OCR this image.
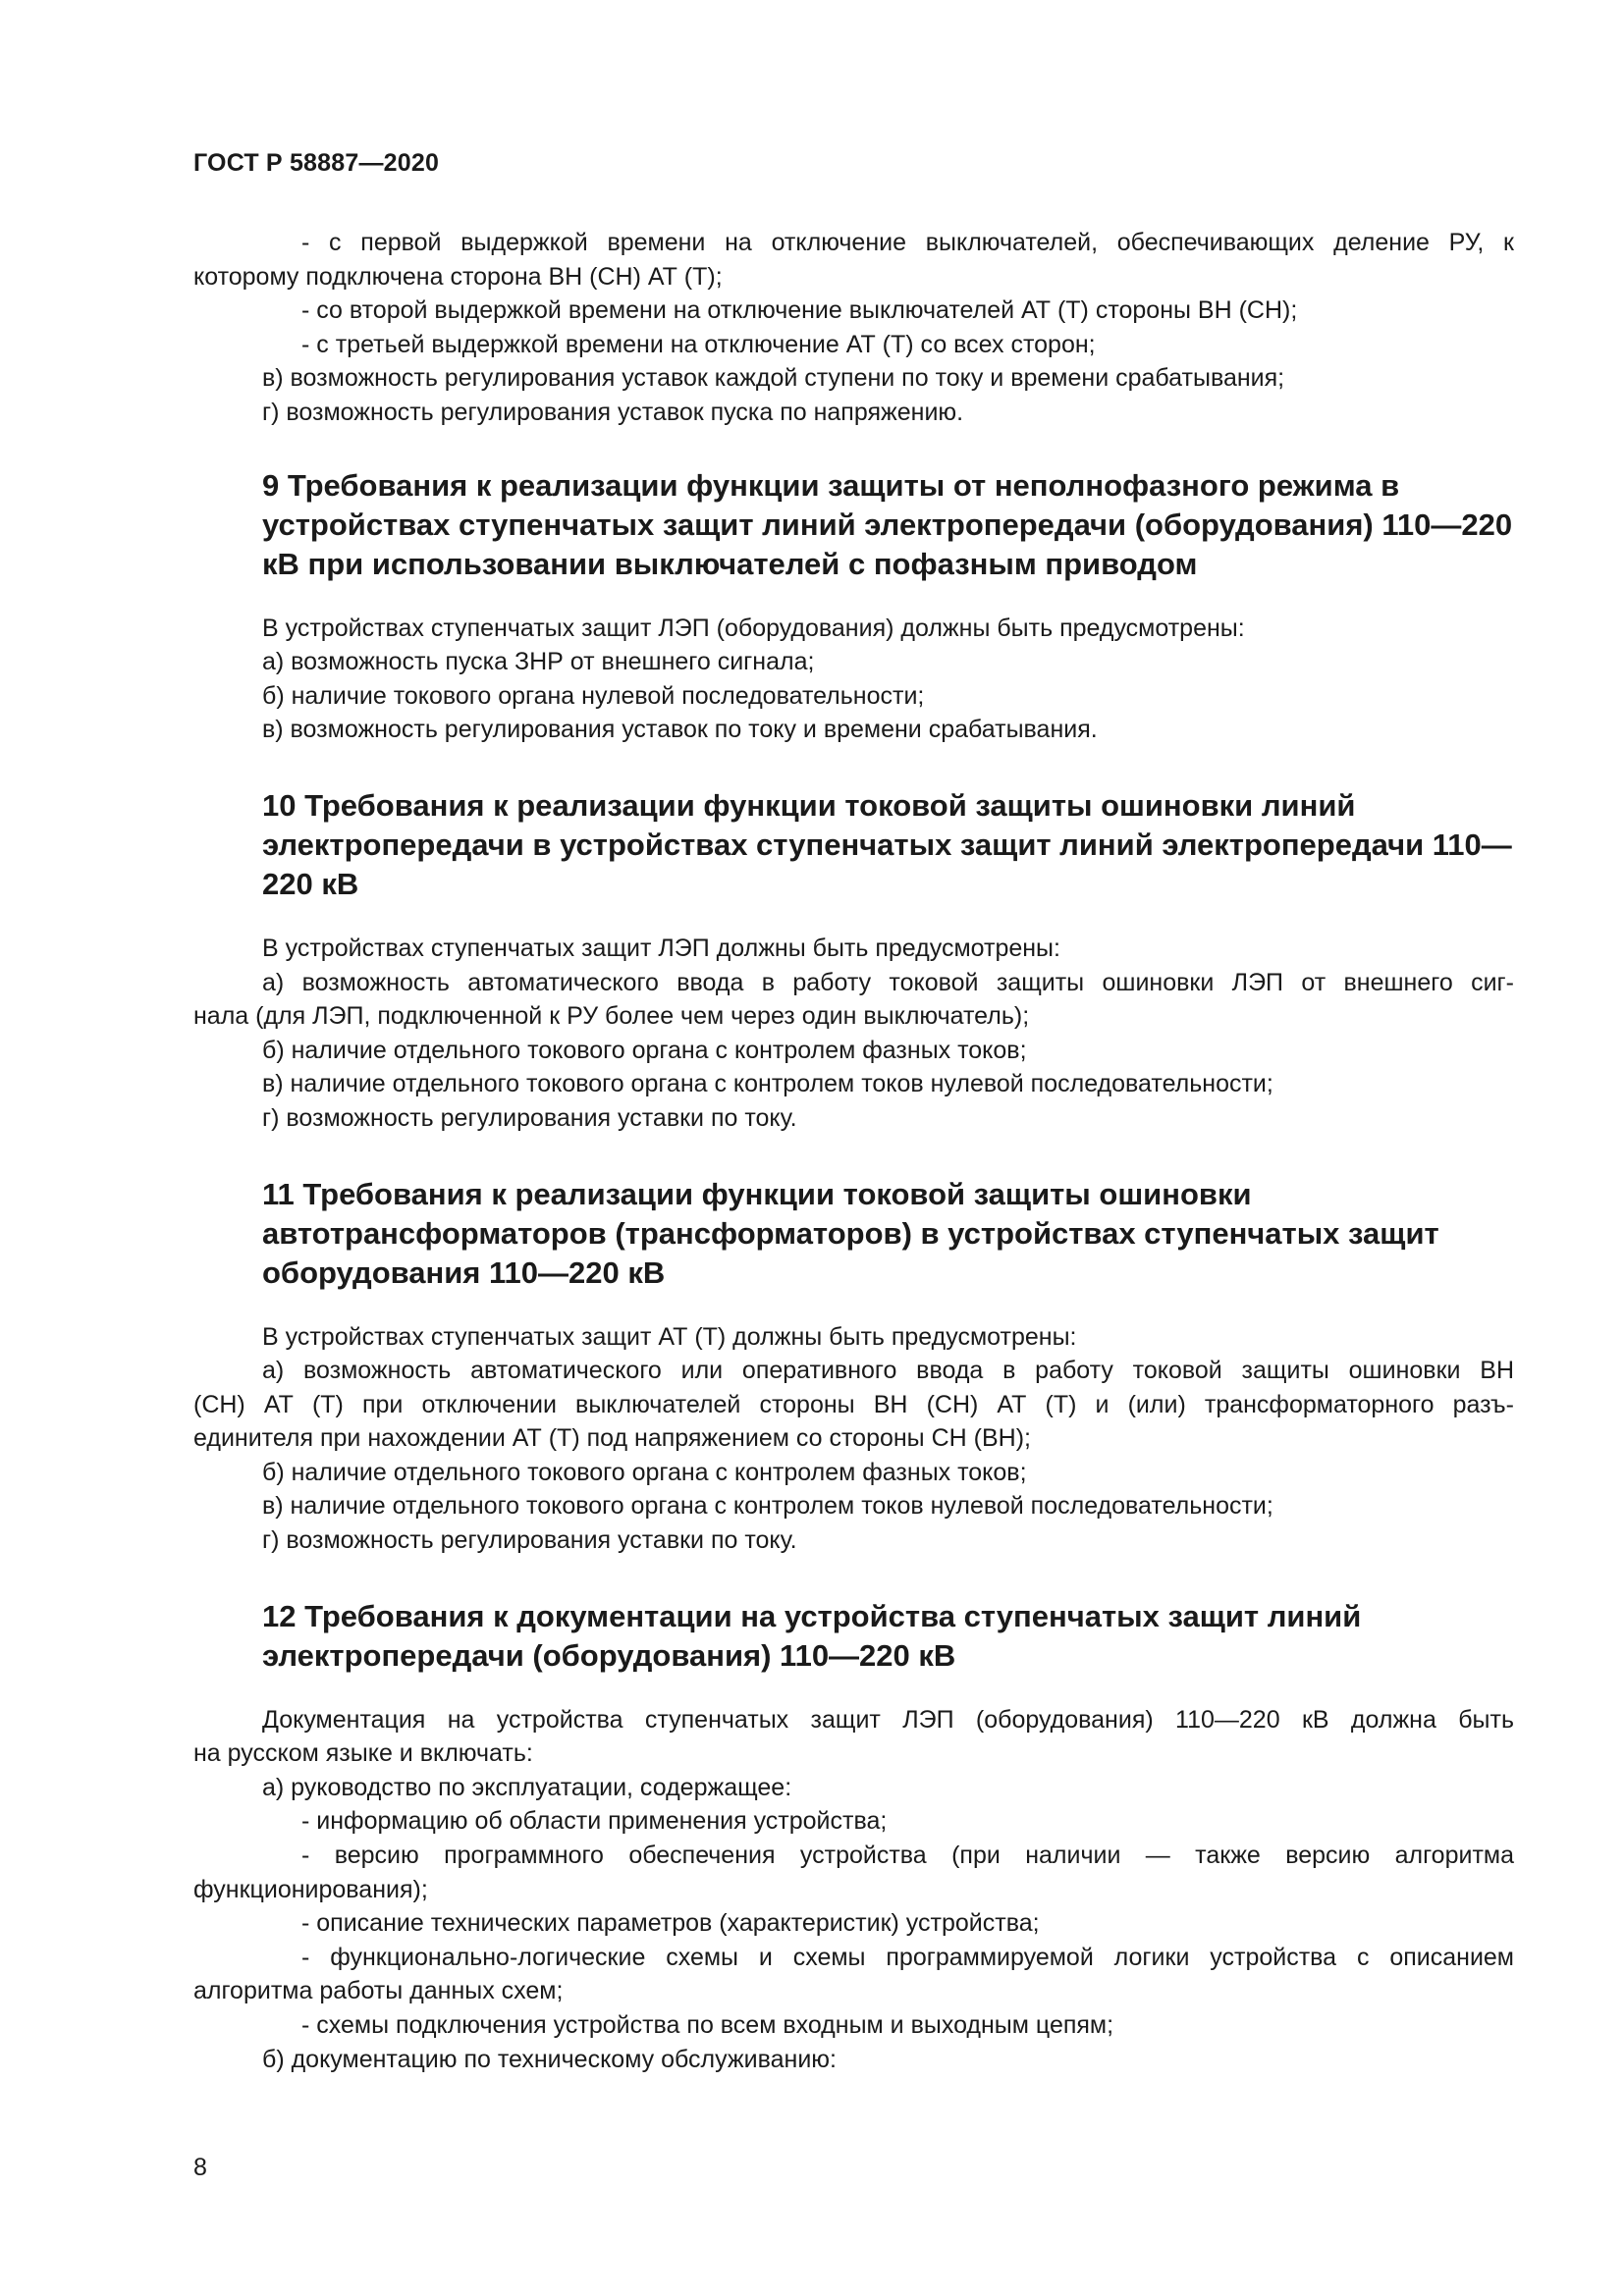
ГОСТ Р 58887—2020

- с первой выдержкой времени на отключение выключателей, обеспечивающих деление РУ, к

которому подключена сторона ВН (СН) АТ (Т);

- со второй выдержкой времени на отключение выключателей АТ (Т) стороны ВН (СН);

- с третьей выдержкой времени на отключение АТ (Т) со всех сторон;

в) возможность регулирования уставок каждой ступени по току и времени срабатывания;

г) возможность регулирования уставок пуска по напряжению.

9 Требования к реализации функции защиты от неполнофазного режима в устройствах ступенчатых защит линий электропередачи (оборудования) 110—220 кВ при использовании выключателей с пофазным приводом

В устройствах ступенчатых защит ЛЭП (оборудования) должны быть предусмотрены:

а) возможность пуска ЗНР от внешнего сигнала;

б) наличие токового органа нулевой последовательности;

в) возможность регулирования уставок по току и времени срабатывания.

10 Требования к реализации функции токовой защиты ошиновки линий электропередачи в устройствах ступенчатых защит линий электропередачи 110—220 кВ

В устройствах ступенчатых защит ЛЭП должны быть предусмотрены:

а) возможность автоматического ввода в работу токовой защиты ошиновки ЛЭП от внешнего сиг-

нала (для ЛЭП, подключенной к РУ более чем через один выключатель);

б) наличие отдельного токового органа с контролем фазных токов;

в) наличие отдельного токового органа с контролем токов нулевой последовательности;

г) возможность регулирования уставки по току.

11 Требования к реализации функции токовой защиты ошиновки автотрансформаторов (трансформаторов) в устройствах ступенчатых защит оборудования 110—220 кВ

В устройствах ступенчатых защит АТ (Т) должны быть предусмотрены:

а) возможность автоматического или оперативного ввода в работу токовой защиты ошиновки ВН

(СН) АТ (Т) при отключении выключателей стороны ВН (СН) АТ (Т) и (или) трансформаторного разъ-

единителя при нахождении АТ (Т) под напряжением со стороны СН (ВН);

б) наличие отдельного токового органа с контролем фазных токов;

в) наличие отдельного токового органа с контролем токов нулевой последовательности;

г) возможность регулирования уставки по току.

12 Требования к документации на устройства ступенчатых защит линий электропередачи (оборудования) 110—220 кВ

Документация на устройства ступенчатых защит ЛЭП (оборудования) 110—220 кВ должна быть

на русском языке и включать:

а) руководство по эксплуатации, содержащее:

- информацию об области применения устройства;

- версию программного обеспечения устройства (при наличии — также версию алгоритма

функционирования);

- описание технических параметров (характеристик) устройства;

- функционально-логические схемы и схемы программируемой логики устройства с описанием

алгоритма работы данных схем;

- схемы подключения устройства по всем входным и выходным цепям;

б) документацию по техническому обслуживанию:

8
